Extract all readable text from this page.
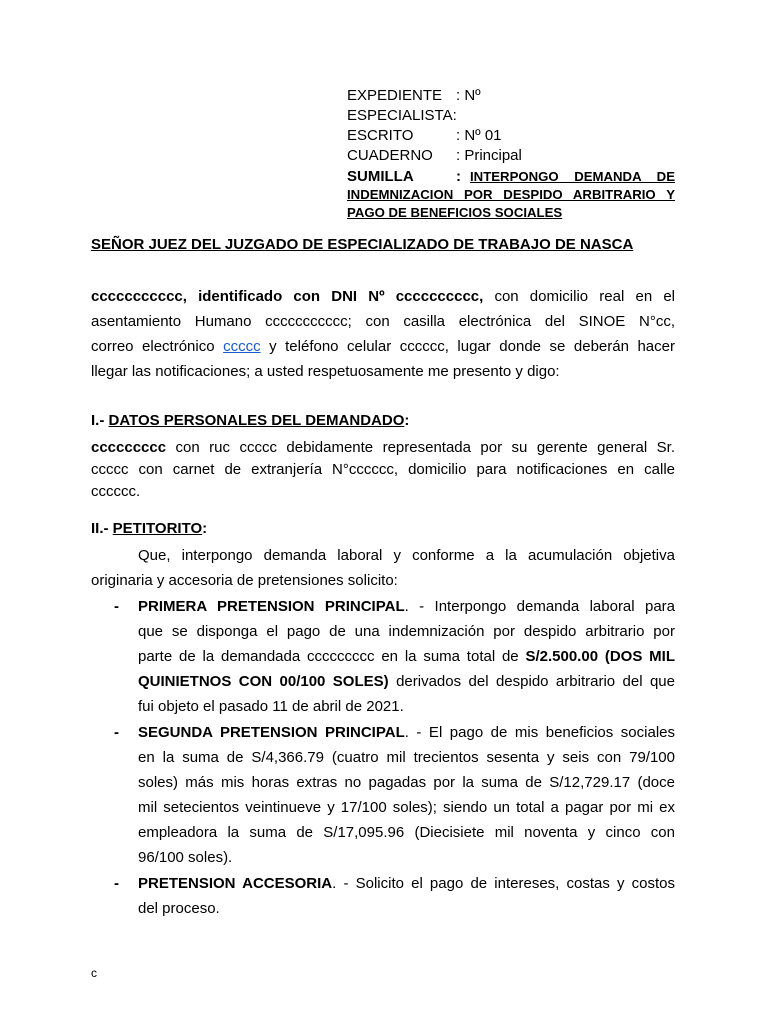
EXPEDIENTE : Nº
ESPECIALISTA:
ESCRITO	: Nº 01
CUADERNO : Principal
SUMILLA	: INTERPONGO DEMANDA DE
INDEMNIZACION POR DESPIDO ARBITRARIO Y
PAGO DE BENEFICIOS SOCIALES
SEÑOR JUEZ DEL JUZGADO DE ESPECIALIZADO DE TRABAJO DE NASCA
ccccccccccc, identificado con DNI Nº cccccccccc, con domicilio real en el
asentamiento Humano ccccccccccc; con casilla electrónica del SINOE N°cc,
correo electrónico ccccc y teléfono celular cccccc, lugar donde se deberán hacer
llegar las notificaciones; a usted respetuosamente me presento y digo:
I.- DATOS PERSONALES DEL DEMANDADO:
ccccccccc con ruc ccccc debidamente representada por su gerente general Sr.
ccccc con carnet de extranjería N°cccccc, domicilio para notificaciones en calle
cccccc.
II.- PETITORITO:
Que, interpongo demanda laboral y conforme a la acumulación objetiva
originaria y accesoria de pretensiones solicito:
- PRIMERA PRETENSION PRINCIPAL. - Interpongo demanda laboral para
que se disponga el pago de una indemnización por despido arbitrario por
parte de la demandada ccccccccc en la suma total de S/2.500.00 (DOS MIL
QUINIETNOS CON 00/100 SOLES) derivados del despido arbitrario del que
fui objeto el pasado 11 de abril de 2021.
- SEGUNDA PRETENSION PRINCIPAL. - El pago de mis beneficios sociales
en la suma de S/4,366.79 (cuatro mil trecientos sesenta y seis con 79/100
soles) más mis horas extras no pagadas por la suma de S/12,729.17 (doce
mil setecientos veintinueve y 17/100 soles); siendo un total a pagar por mi ex
empleadora la suma de S/17,095.96 (Diecisiete mil noventa y cinco con
96/100 soles).
- PRETENSION ACCESORIA. - Solicito el pago de intereses, costas y costos
del proceso.
c
